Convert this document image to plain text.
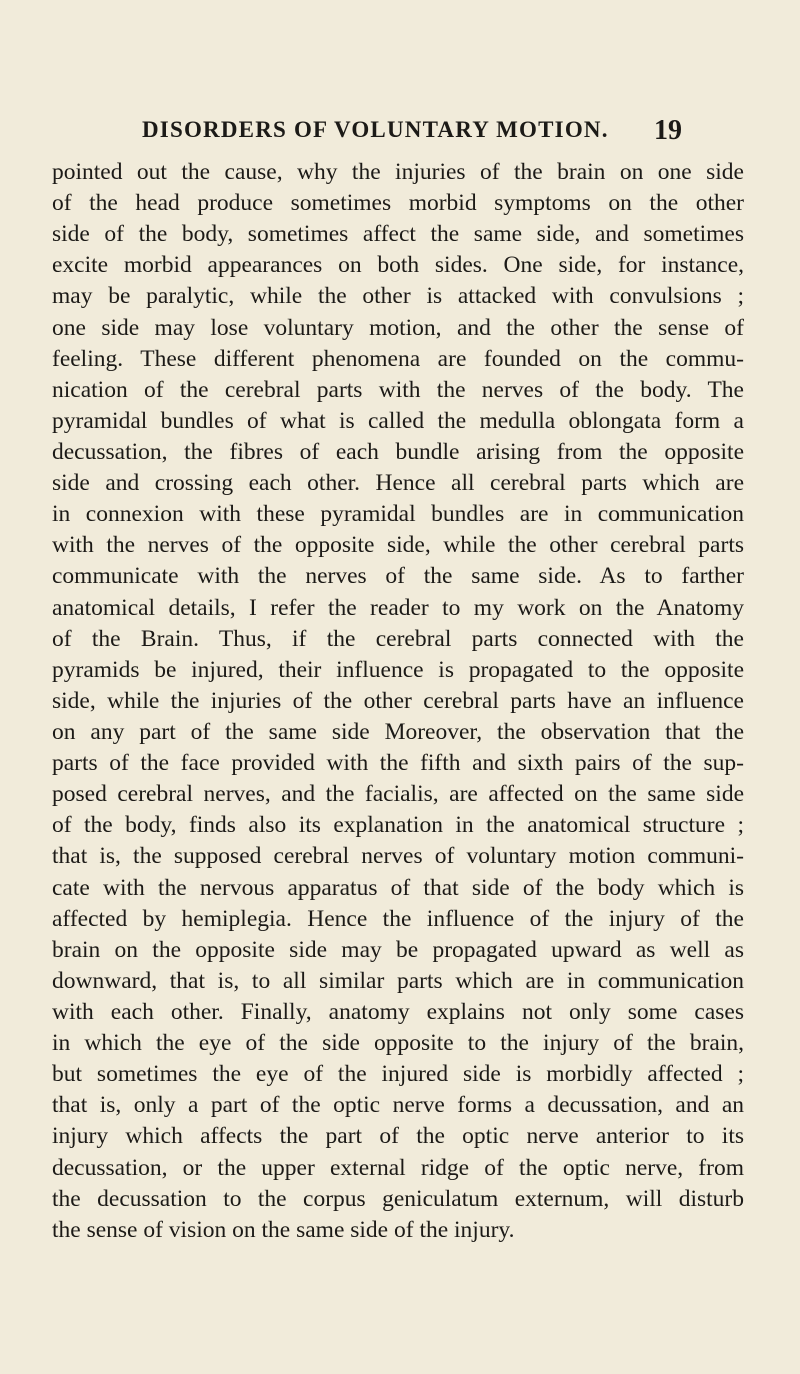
DISORDERS OF VOLUNTARY MOTION. 19
pointed out the cause, why the injuries of the brain on one side
of the head produce sometimes morbid symptoms on the other
side of the body, sometimes affect the same side, and sometimes
excite morbid appearances on both sides. One side, for instance,
may be paralytic, while the other is attacked with convulsions ;
one side may lose voluntary motion, and the other the sense of
feeling. These different phenomena are founded on the commu-
nication of the cerebral parts with the nerves of the body. The
pyramidal bundles of what is called the medulla oblongata form a
decussation, the fibres of each bundle arising from the opposite
side and crossing each other. Hence all cerebral parts which are
in connexion with these pyramidal bundles are in communication
with the nerves of the opposite side, while the other cerebral parts
communicate with the nerves of the same side. As to farther
anatomical details, I refer the reader to my work on the Anatomy
of the Brain. Thus, if the cerebral parts connected with the
pyramids be injured, their influence is propagated to the opposite
side, while the injuries of the other cerebral parts have an influence
on any part of the same side Moreover, the observation that the
parts of the face provided with the fifth and sixth pairs of the sup-
posed cerebral nerves, and the facialis, are affected on the same side
of the body, finds also its explanation in the anatomical structure ;
that is, the supposed cerebral nerves of voluntary motion communi-
cate with the nervous apparatus of that side of the body which is
affected by hemiplegia. Hence the influence of the injury of the
brain on the opposite side may be propagated upward as well as
downward, that is, to all similar parts which are in communication
with each other. Finally, anatomy explains not only some cases
in which the eye of the side opposite to the injury of the brain,
but sometimes the eye of the injured side is morbidly affected ;
that is, only a part of the optic nerve forms a decussation, and an
injury which affects the part of the optic nerve anterior to its
decussation, or the upper external ridge of the optic nerve, from
the decussation to the corpus geniculatum externum, will disturb
the sense of vision on the same side of the injury.
